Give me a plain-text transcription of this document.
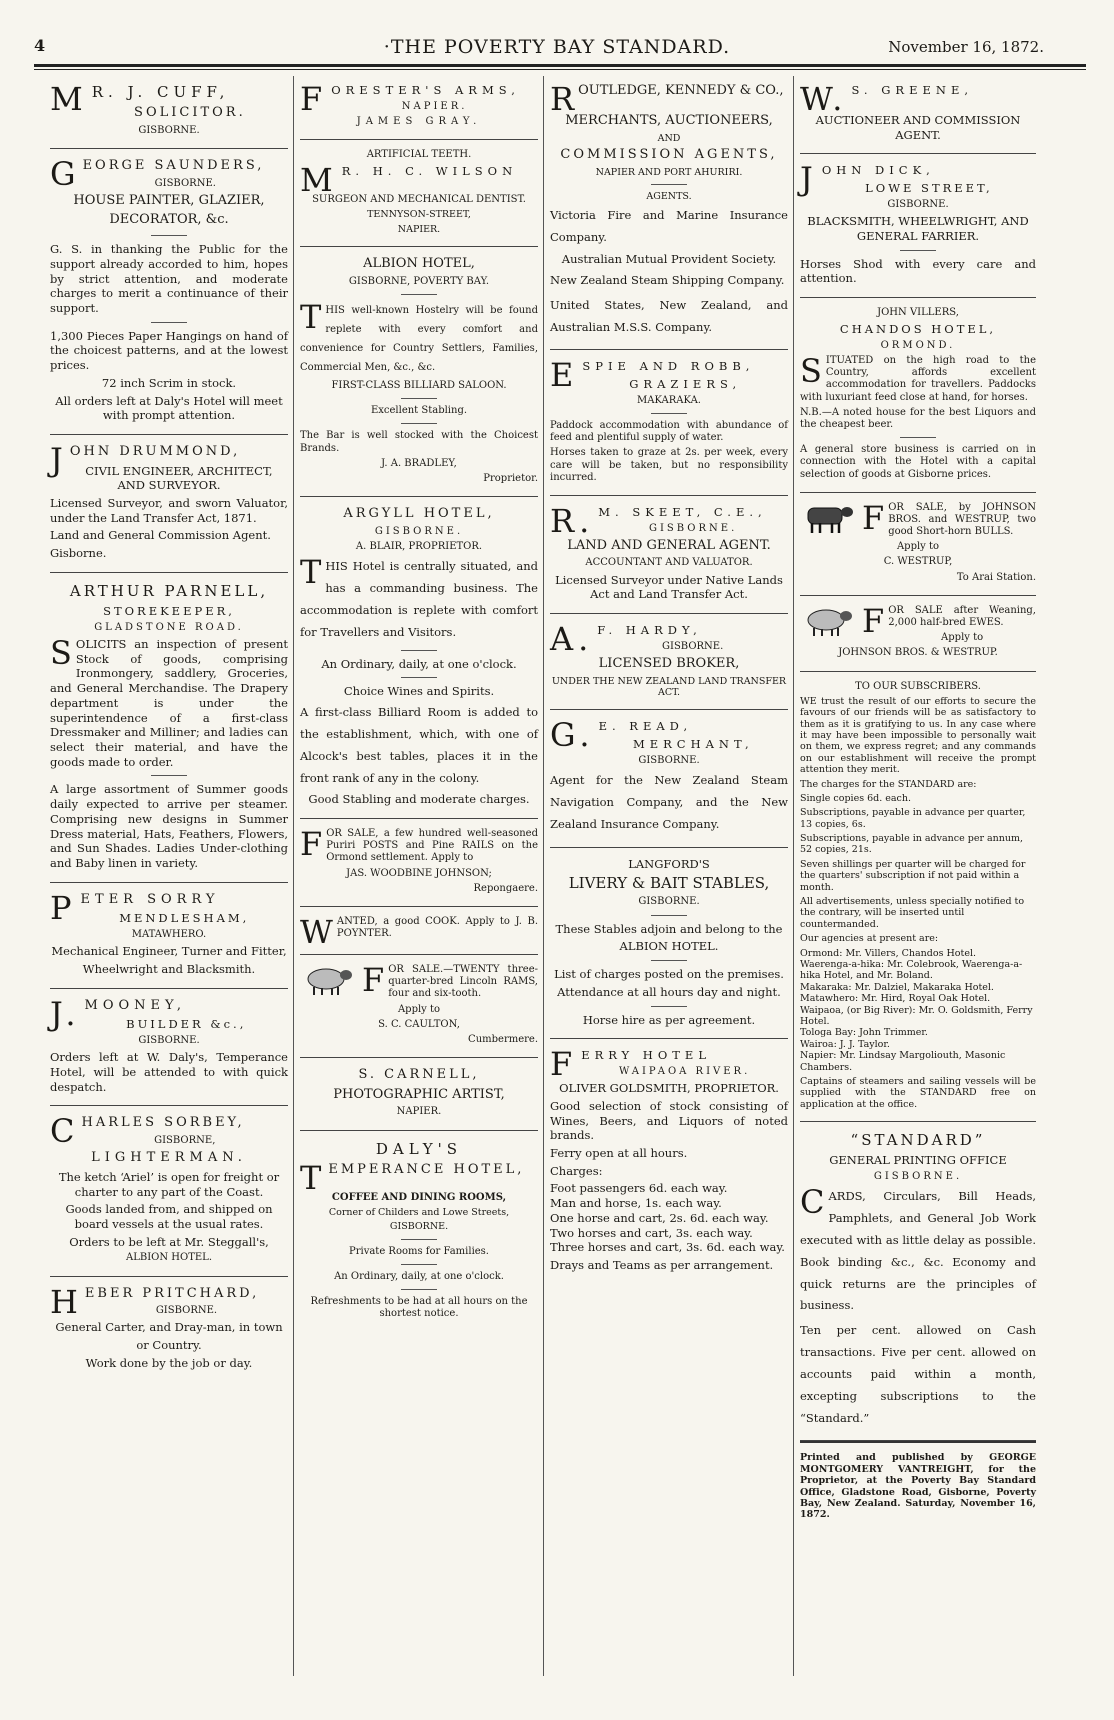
4	·THE POVERTY BAY STANDARD.	November 16, 1872.

M R. J. CUFF,

SOLICITOR.

GISBORNE.

GEORGE SAUNDERS,

GISBORNE.

HOUSE PAINTER, GLAZIER,

DECORATOR, &c.

G. S. in thanking the Public for the support already accorded to him, hopes by strict attention, and moderate charges to merit a continuance of their support.

1,300 Pieces Paper Hangings on hand of the choicest patterns, and at the lowest prices.

72 inch Scrim in stock.

All orders left at Daly's Hotel will meet with prompt attention.

JOHN DRUMMOND,

CIVIL ENGINEER, ARCHITECT, AND SURVEYOR.

Licensed Surveyor, and sworn Valuator, under the Land Transfer Act, 1871.

Land and General Commission Agent.

Gisborne.

ARTHUR PARNELL,

STOREKEEPER,

GLADSTONE ROAD.

SOLICITS an inspection of present Stock of goods, comprising Ironmongery, saddlery, Groceries, and General Merchandise. The Drapery department is under the superintendence of a first-class Dressmaker and Milliner; and ladies can select their material, and have the goods made to order.

A large assortment of Summer goods daily expected to arrive per steamer. Comprising new designs in Summer Dress material, Hats, Feathers, Flowers, and Sun Shades. Ladies Under-clothing and Baby linen in variety.

PETER SORRY

MENDLESHAM,

MATAWHERO.

Mechanical Engineer, Turner and Fitter,

Wheelwright and Blacksmith.

J. MOONEY,

BUILDER &c.,

GISBORNE.

Orders left at W. Daly's, Temperance Hotel, will be attended to with quick despatch.

CHARLES SORBEY,

GISBORNE,

LIGHTERMAN.

The ketch ‘Ariel’ is open for freight or charter to any part of the Coast.

Goods landed from, and shipped on board vessels at the usual rates.

Orders to be left at Mr. Steggall's,

ALBION HOTEL.

HEBER PRITCHARD,

GISBORNE.

General Carter, and Dray-man, in town

or Country.

Work done by the job or day.

FORESTER'S ARMS,

NAPIER.

JAMES GRAY.

ARTIFICIAL TEETH.

M R. H. C. WILSON

SURGEON AND MECHANICAL DENTIST.

TENNYSON-STREET,

NAPIER.

ALBION HOTEL,

GISBORNE, POVERTY BAY.

THIS well-known Hostelry will be found replete with every comfort and convenience for Country Settlers, Families, Commercial Men, &c., &c.

FIRST-CLASS BILLIARD SALOON.

Excellent Stabling.

The Bar is well stocked with the Choicest Brands.

J. A. BRADLEY,

Proprietor.

ARGYLL HOTEL,

GISBORNE.

A. BLAIR, PROPRIETOR.

THIS Hotel is centrally situated, and has a commanding business. The accommodation is replete with comfort for Travellers and Visitors.

An Ordinary, daily, at one o'clock.

Choice Wines and Spirits.

A first-class Billiard Room is added to the establishment, which, with one of Alcock's best tables, places it in the front rank of any in the colony.

Good Stabling and moderate charges.

FOR SALE, a few hundred well-seasoned Puriri POSTS and Pine RAILS on the Ormond settlement. Apply to

JAS. WOODBINE JOHNSON;

Repongaere.

WANTED, a good COOK. Apply to J. B. POYNTER.

FOR SALE.—TWENTY three-quarter-bred Lincoln RAMS, four and six-tooth.

Apply to

S. C. CAULTON,

Cumbermere.

S. CARNELL,

PHOTOGRAPHIC ARTIST,

NAPIER.

DALY'S

TEMPERANCE HOTEL,

COFFEE AND DINING ROOMS,

Corner of Childers and Lowe Streets,

GISBORNE.

Private Rooms for Families.

An Ordinary, daily, at one o'clock.

Refreshments to be had at all hours on the shortest notice.

ROUTLEDGE, KENNEDY & CO.,

MERCHANTS, AUCTIONEERS,

AND

COMMISSION AGENTS,

NAPIER AND PORT AHURIRI.

AGENTS.

Victoria Fire and Marine Insurance Company.

Australian Mutual Provident Society.

New Zealand Steam Shipping Company.

United States, New Zealand, and Australian M.S.S. Company.

ESPIE AND ROBB,

GRAZIERS,

MAKARAKA.

Paddock accommodation with abundance of feed and plentiful supply of water.

Horses taken to graze at 2s. per week, every care will be taken, but no responsibility incurred.

R. M. SKEET, C.E.,

GISBORNE.

LAND AND GENERAL AGENT.

ACCOUNTANT AND VALUATOR.

Licensed Surveyor under Native Lands Act and Land Transfer Act.

A. F. HARDY,

GISBORNE.

LICENSED BROKER,

UNDER THE NEW ZEALAND LAND TRANSFER ACT.

G. E. READ,

MERCHANT,

GISBORNE.

Agent for the New Zealand Steam Navigation Company, and the New Zealand Insurance Company.

LANGFORD'S

LIVERY & BAIT STABLES,

GISBORNE.

These Stables adjoin and belong to the

ALBION HOTEL.

List of charges posted on the premises.

Attendance at all hours day and night.

Horse hire as per agreement.

FERRY HOTEL

WAIPAOA RIVER.

OLIVER GOLDSMITH, PROPRIETOR.

Good selection of stock consisting of Wines, Beers, and Liquors of noted brands.

Ferry open at all hours.

Charges:

Foot passengers 6d. each way.

Man and horse, 1s. each way.

One horse and cart, 2s. 6d. each way.

Two horses and cart, 3s. each way.

Three horses and cart, 3s. 6d. each way.

Drays and Teams as per arrangement.

W. S. GREENE,

AUCTIONEER AND COMMISSION AGENT.

JOHN DICK,

LOWE STREET,

GISBORNE.

BLACKSMITH, WHEELWRIGHT, AND GENERAL FARRIER.

Horses Shod with every care and attention.

JOHN VILLERS,

CHANDOS HOTEL,

ORMOND.

SITUATED on the high road to the Country, affords excellent accommodation for travellers. Paddocks with luxuriant feed close at hand, for horses.

N.B.—A noted house for the best Liquors and the cheapest beer.

A general store business is carried on in connection with the Hotel with a capital selection of goods at Gisborne prices.

FOR SALE, by JOHNSON BROS. and WESTRUP, two good Short-horn BULLS.

Apply to

C. WESTRUP,

To Arai Station.

FOR SALE after Weaning, 2,000 half-bred EWES.

Apply to

JOHNSON BROS. & WESTRUP.

TO OUR SUBSCRIBERS.

WE trust the result of our efforts to secure the favours of our friends will be as satisfactory to them as it is gratifying to us. In any case where it may have been impossible to personally wait on them, we express regret; and any commands on our establishment will receive the prompt attention they merit.

The charges for the STANDARD are:

Single copies 6d. each.

Subscriptions, payable in advance per quarter, 13 copies, 6s.

Subscriptions, payable in advance per annum, 52 copies, 21s.

Seven shillings per quarter will be charged for the quarters' subscription if not paid within a month.

All advertisements, unless specially notified to the contrary, will be inserted until countermanded.

Our agencies at present are:

Ormond: Mr. Villers, Chandos Hotel.

Waerenga-a-hika: Mr. Colebrook, Waerenga-a-hika Hotel, and Mr. Boland.

Makaraka: Mr. Dalziel, Makaraka Hotel.

Matawhero: Mr. Hird, Royal Oak Hotel.

Waipaoa, (or Big River): Mr. O. Goldsmith, Ferry Hotel.

Tologa Bay: John Trimmer.

Wairoa: J. J. Taylor.

Napier: Mr. Lindsay Margoliouth, Masonic Chambers.

Captains of steamers and sailing vessels will be supplied with the STANDARD free on application at the office.

“STANDARD”

GENERAL PRINTING OFFICE

GISBORNE.

CARDS, Circulars, Bill Heads, Pamphlets, and General Job Work executed with as little delay as possible. Book binding &c., &c. Economy and quick returns are the principles of business.

Ten per cent. allowed on Cash transactions. Five per cent. allowed on accounts paid within a month, excepting subscriptions to the “Standard.”

Printed and published by GEORGE MONTGOMERY VANTREIGHT, for the Proprietor, at the Poverty Bay Standard Office, Gladstone Road, Gisborne, Poverty Bay, New Zealand. Saturday, November 16, 1872.
